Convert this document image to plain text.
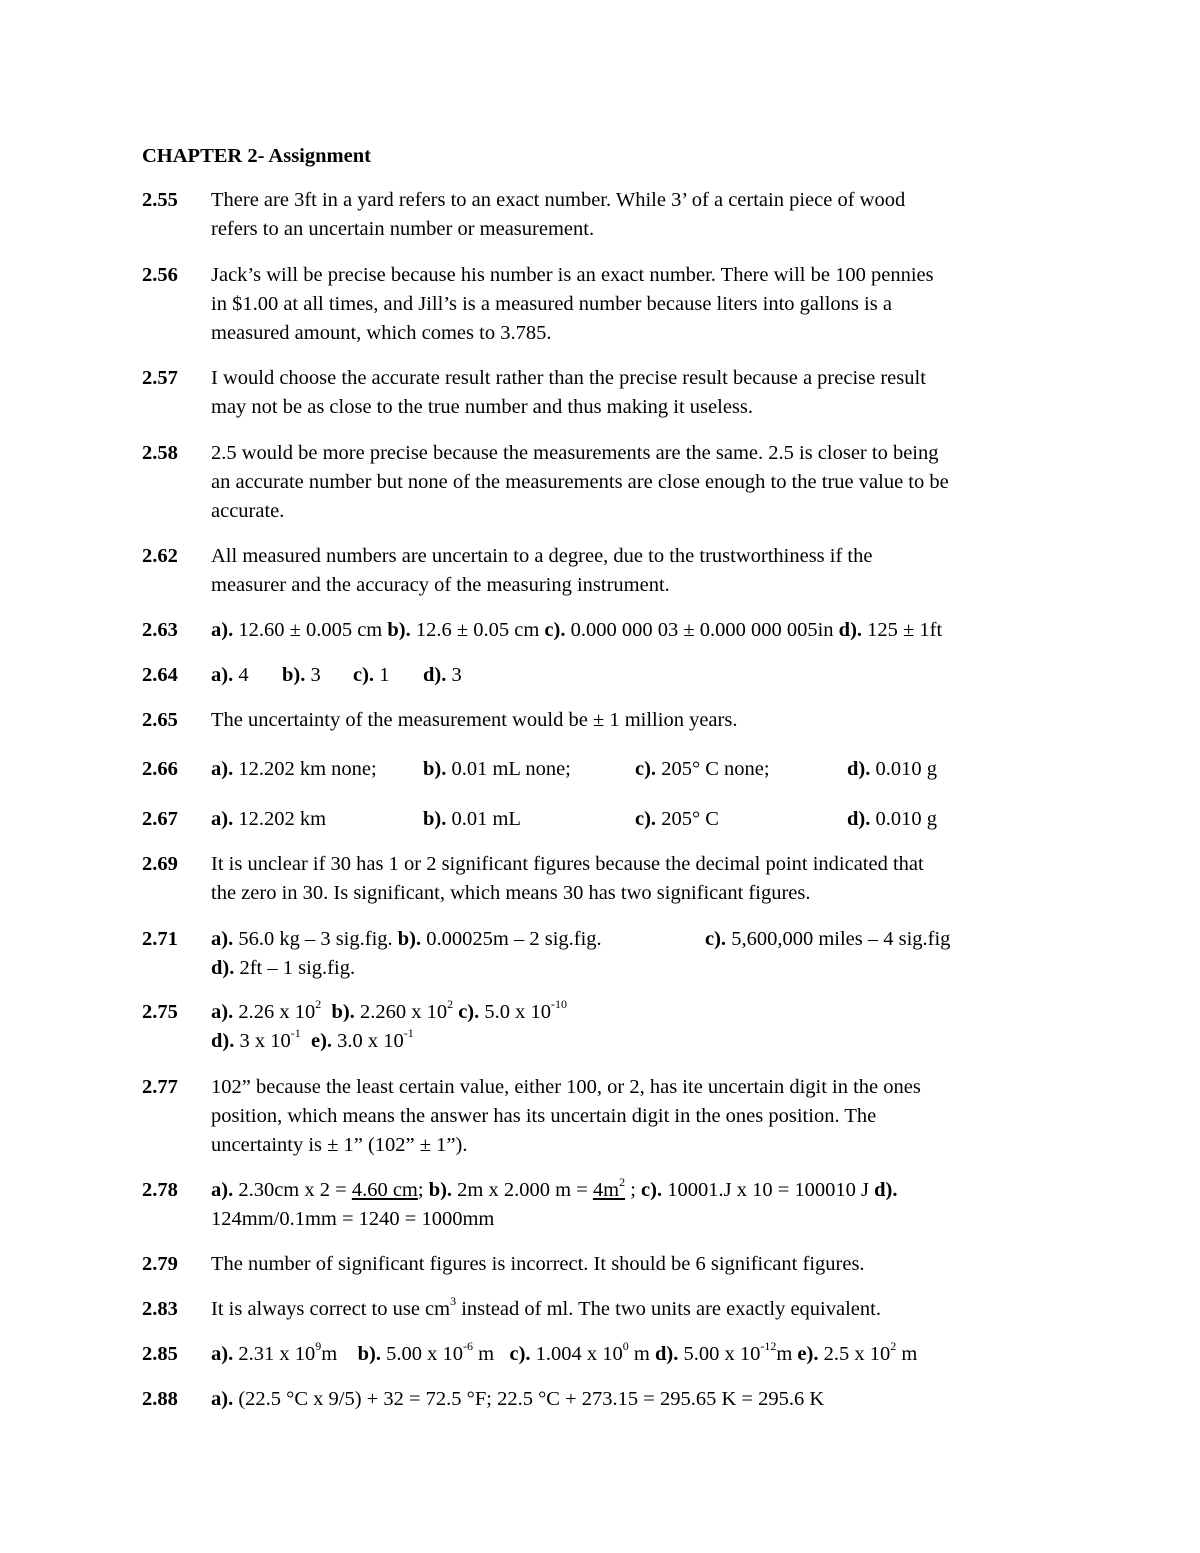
CHAPTER 2- Assignment
2.55 There are 3ft in a yard refers to an exact number. While 3’ of a certain piece of wood
refers to an uncertain number or measurement.
2.56 Jack’s will be precise because his number is an exact number. There will be 100 pennies
in $1.00 at all times, and Jill’s is a measured number because liters into gallons is a
measured amount, which comes to 3.785.
2.57 I would choose the accurate result rather than the precise result because a precise result
may not be as close to the true number and thus making it useless.
2.58 2.5 would be more precise because the measurements are the same. 2.5 is closer to being
an accurate number but none of the measurements are close enough to the true value to be
accurate.
2.62 All measured numbers are uncertain to a degree, due to the trustworthiness if the
measurer and the accuracy of the measuring instrument.
2.63 a). 12.60 ± 0.005 cm b). 12.6 ± 0.05 cm c). 0.000 000 03 ± 0.000 000 005in d). 125 ± 1ft
2.64 a). 4 b). 3 c). 1 d). 3
2.65 The uncertainty of the measurement would be ± 1 million years.
2.66 a). 12.202 km none; b). 0.01 mL none;	c). 205° C none;	d). 0.010 g
2.67 a). 12.202 km	b). 0.01 mL	c). 205° C	d). 0.010 g
2.69 It is unclear if 30 has 1 or 2 significant figures because the decimal point indicated that
the zero in 30. Is significant, which means 30 has two significant figures.
2.71 a). 56.0 kg – 3 sig.fig. b). 0.00025m – 2 sig.fig.	c). 5,600,000 miles – 4 sig.fig
d). 2ft – 1 sig.fig.
2.75 a). 2.26 x $10^2$ b). 2.260 x $10^2$ c). 5.0 x $10^{-10}$
d). 3 x $10^{-1}$ e). 3.0 x $10^{-1}$
2.77 102” because the least certain value, either 100, or 2, has ite uncertain digit in the ones
position, which means the answer has its uncertain digit in the ones position. The
uncertainty is ± 1” (102” ± 1”).
2.78 a). 2.30cm x 2 = 4.60 cm; b). 2m x 2.000 $m = 4m^2$ ; c). 10001.J x 10 = 100010 J d).
124mm/0.1mm = 1240 = 1000mm
2.79 The number of significant figures is incorrect. It should be 6 significant figures.
2.83 It is always correct to use $cm^3$ instead of ml. The two units are exactly equivalent.
2.85 a). 2.31 x $10^9m$ b). 5.00 x $10^{-6}$ m c). 1.004 x $10^0$ m d). 5.00 x $10^{-12}m$ e). 2.5 x $10^2$ m
2.88 a). (22.5 °C x 9/5) + 32 = 72.5 °F; 22.5 °C + 273.15 = 295.65 K = 295.6 K
